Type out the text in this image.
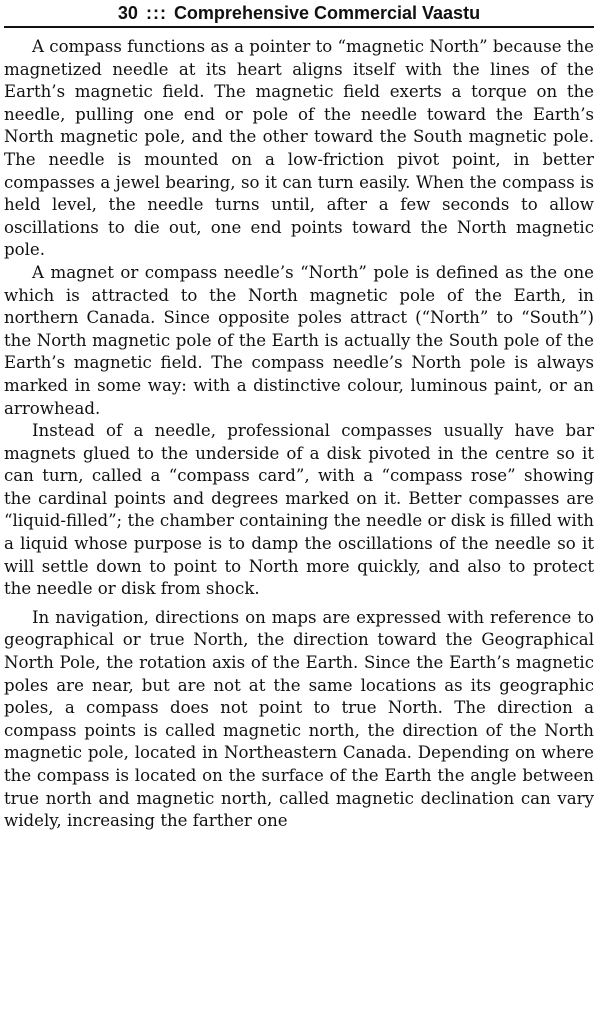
30 ::: Comprehensive Commercial Vaastu

A compass functions as a pointer to “magnetic North” because the magnetized needle at its heart aligns itself with the lines of the Earth’s magnetic field. The magnetic field exerts a torque on the needle, pulling one end or pole of the needle toward the Earth’s North magnetic pole, and the other toward the South magnetic pole. The needle is mounted on a low-friction pivot point, in better compasses a jewel bearing, so it can turn easily. When the compass is held level, the needle turns until, after a few seconds to allow oscillations to die out, one end points toward the North magnetic pole.

A magnet or compass needle’s “North” pole is defined as the one which is attracted to the North magnetic pole of the Earth, in northern Canada. Since opposite poles attract (“North” to “South”) the North magnetic pole of the Earth is actually the South pole of the Earth’s magnetic field. The compass needle’s North pole is always marked in some way: with a distinctive colour, luminous paint, or an arrowhead.

Instead of a needle, professional compasses usually have bar magnets glued to the underside of a disk pivoted in the centre so it can turn, called a “compass card”, with a “compass rose” showing the cardinal points and degrees marked on it. Better compasses are “liquid-filled”; the chamber containing the needle or disk is filled with a liquid whose purpose is to damp the oscillations of the needle so it will settle down to point to North more quickly, and also to protect the needle or disk from shock.

In navigation, directions on maps are expressed with reference to geographical or true North, the direction toward the Geographical North Pole, the rotation axis of the Earth. Since the Earth’s magnetic poles are near, but are not at the same locations as its geographic poles, a compass does not point to true North. The direction a compass points is called magnetic north, the direction of the North magnetic pole, located in Northeastern Canada. Depending on where the compass is located on the surface of the Earth the angle between true north and magnetic north, called magnetic declination can vary widely, increasing the farther one
